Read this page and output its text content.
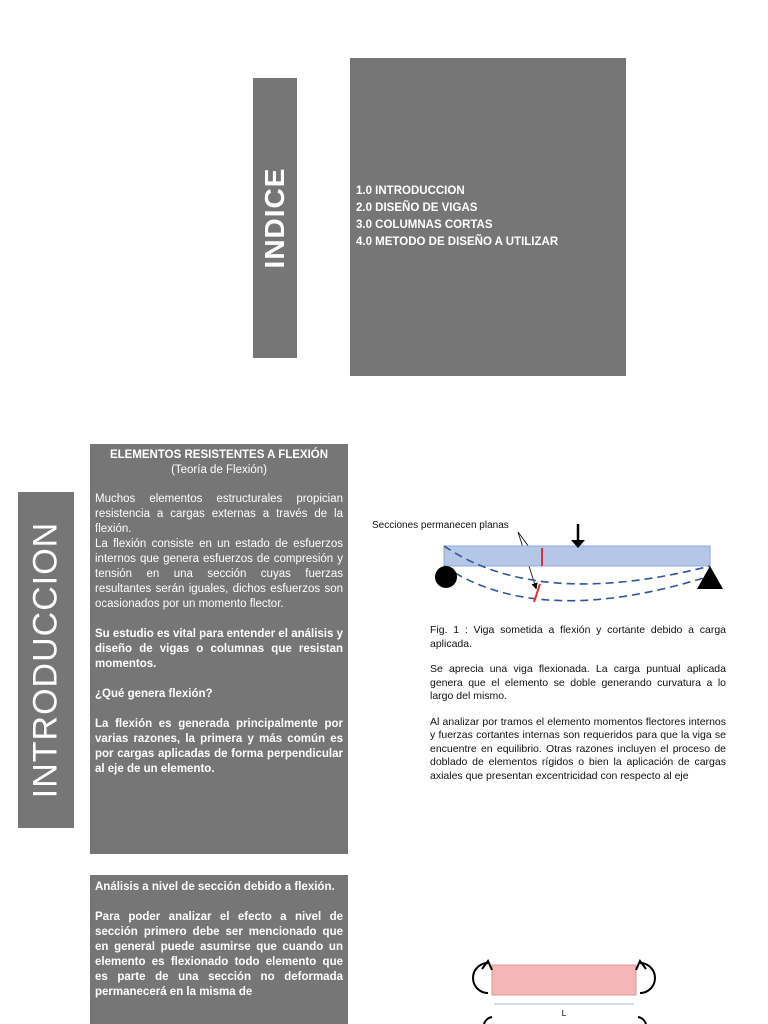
INDICE	1.0 INTRODUCCION
2.0 DISEÑO DE VIGAS
3.0 COLUMNAS CORTAS
4.0 METODO DE DISEÑO A UTILIZAR
INTRODUCCION
ELEMENTOS RESISTENTES A FLEXIÓN
(Teoría de Flexión)

Muchos elementos estructurales propician resistencia a cargas externas a través de la flexión.
La flexión consiste en un estado de esfuerzos internos que genera esfuerzos de compresión y tensión en una sección cuyas fuerzas resultantes serán iguales, dichos esfuerzos son ocasionados por un momento flector.

Su estudio es vital para entender el análisis y diseño de vigas o columnas que resistan momentos.

¿Qué genera flexión?

La flexión es generada principalmente por varias razones, la primera y más común es por cargas aplicadas de forma perpendicular al eje de un elemento.

Análisis a nivel de sección debido a flexión.

Para poder analizar el efecto a nivel de sección primero debe ser mencionado que en general puede asumirse que cuando un elemento es flexionado todo elemento que es parte de una sección no deformada permanecerá en la misma de

Secciones permanecen planas

Fig. 1 : Viga sometida a flexión y cortante debido a carga aplicada.

Se aprecia una viga flexionada. La carga puntual aplicada genera que el elemento se doble generando curvatura a lo largo del mismo.

Al analizar por tramos el elemento momentos flectores internos y fuerzas cortantes internas son requeridos para que la viga se encuentre en equilibrio. Otras razones incluyen el proceso de doblado de elementos rígidos o bien la aplicación de cargas axiales que presentan excentricidad con respecto al eje

L
